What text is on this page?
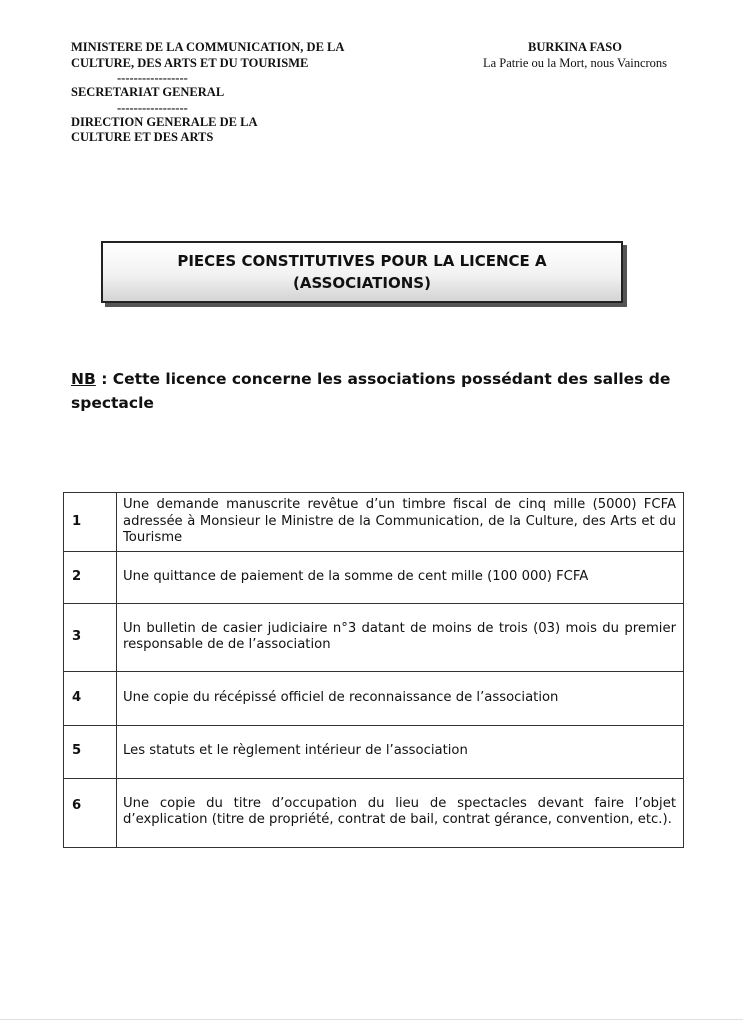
MINISTERE DE LA COMMUNICATION, DE LA
CULTURE, DES ARTS ET DU TOURISME
-----------------
SECRETARIAT GENERAL
-----------------
DIRECTION GENERALE DE LA
CULTURE ET DES ARTS
BURKINA FASO
La Patrie ou la Mort, nous Vaincrons
PIECES CONSTITUTIVES POUR LA LICENCE A
(ASSOCIATIONS)
NB : Cette licence concerne les associations possédant des salles de spectacle
1	Une demande manuscrite revêtue d’un timbre fiscal de cinq mille (5000) FCFA adressée à Monsieur le Ministre de la Communication, de la Culture, des Arts et du Tourisme
2	Une quittance de paiement de la somme de cent mille (100 000) FCFA
3	Un bulletin de casier judiciaire n°3 datant de moins de trois (03) mois du premier responsable de de l’association
4	Une copie du récépissé officiel de reconnaissance de l’association
5	Les statuts et le règlement intérieur de l’association
6	Une copie du titre d’occupation du lieu de spectacles devant faire l’objet d’explication (titre de propriété, contrat de bail, contrat gérance, convention, etc.).
